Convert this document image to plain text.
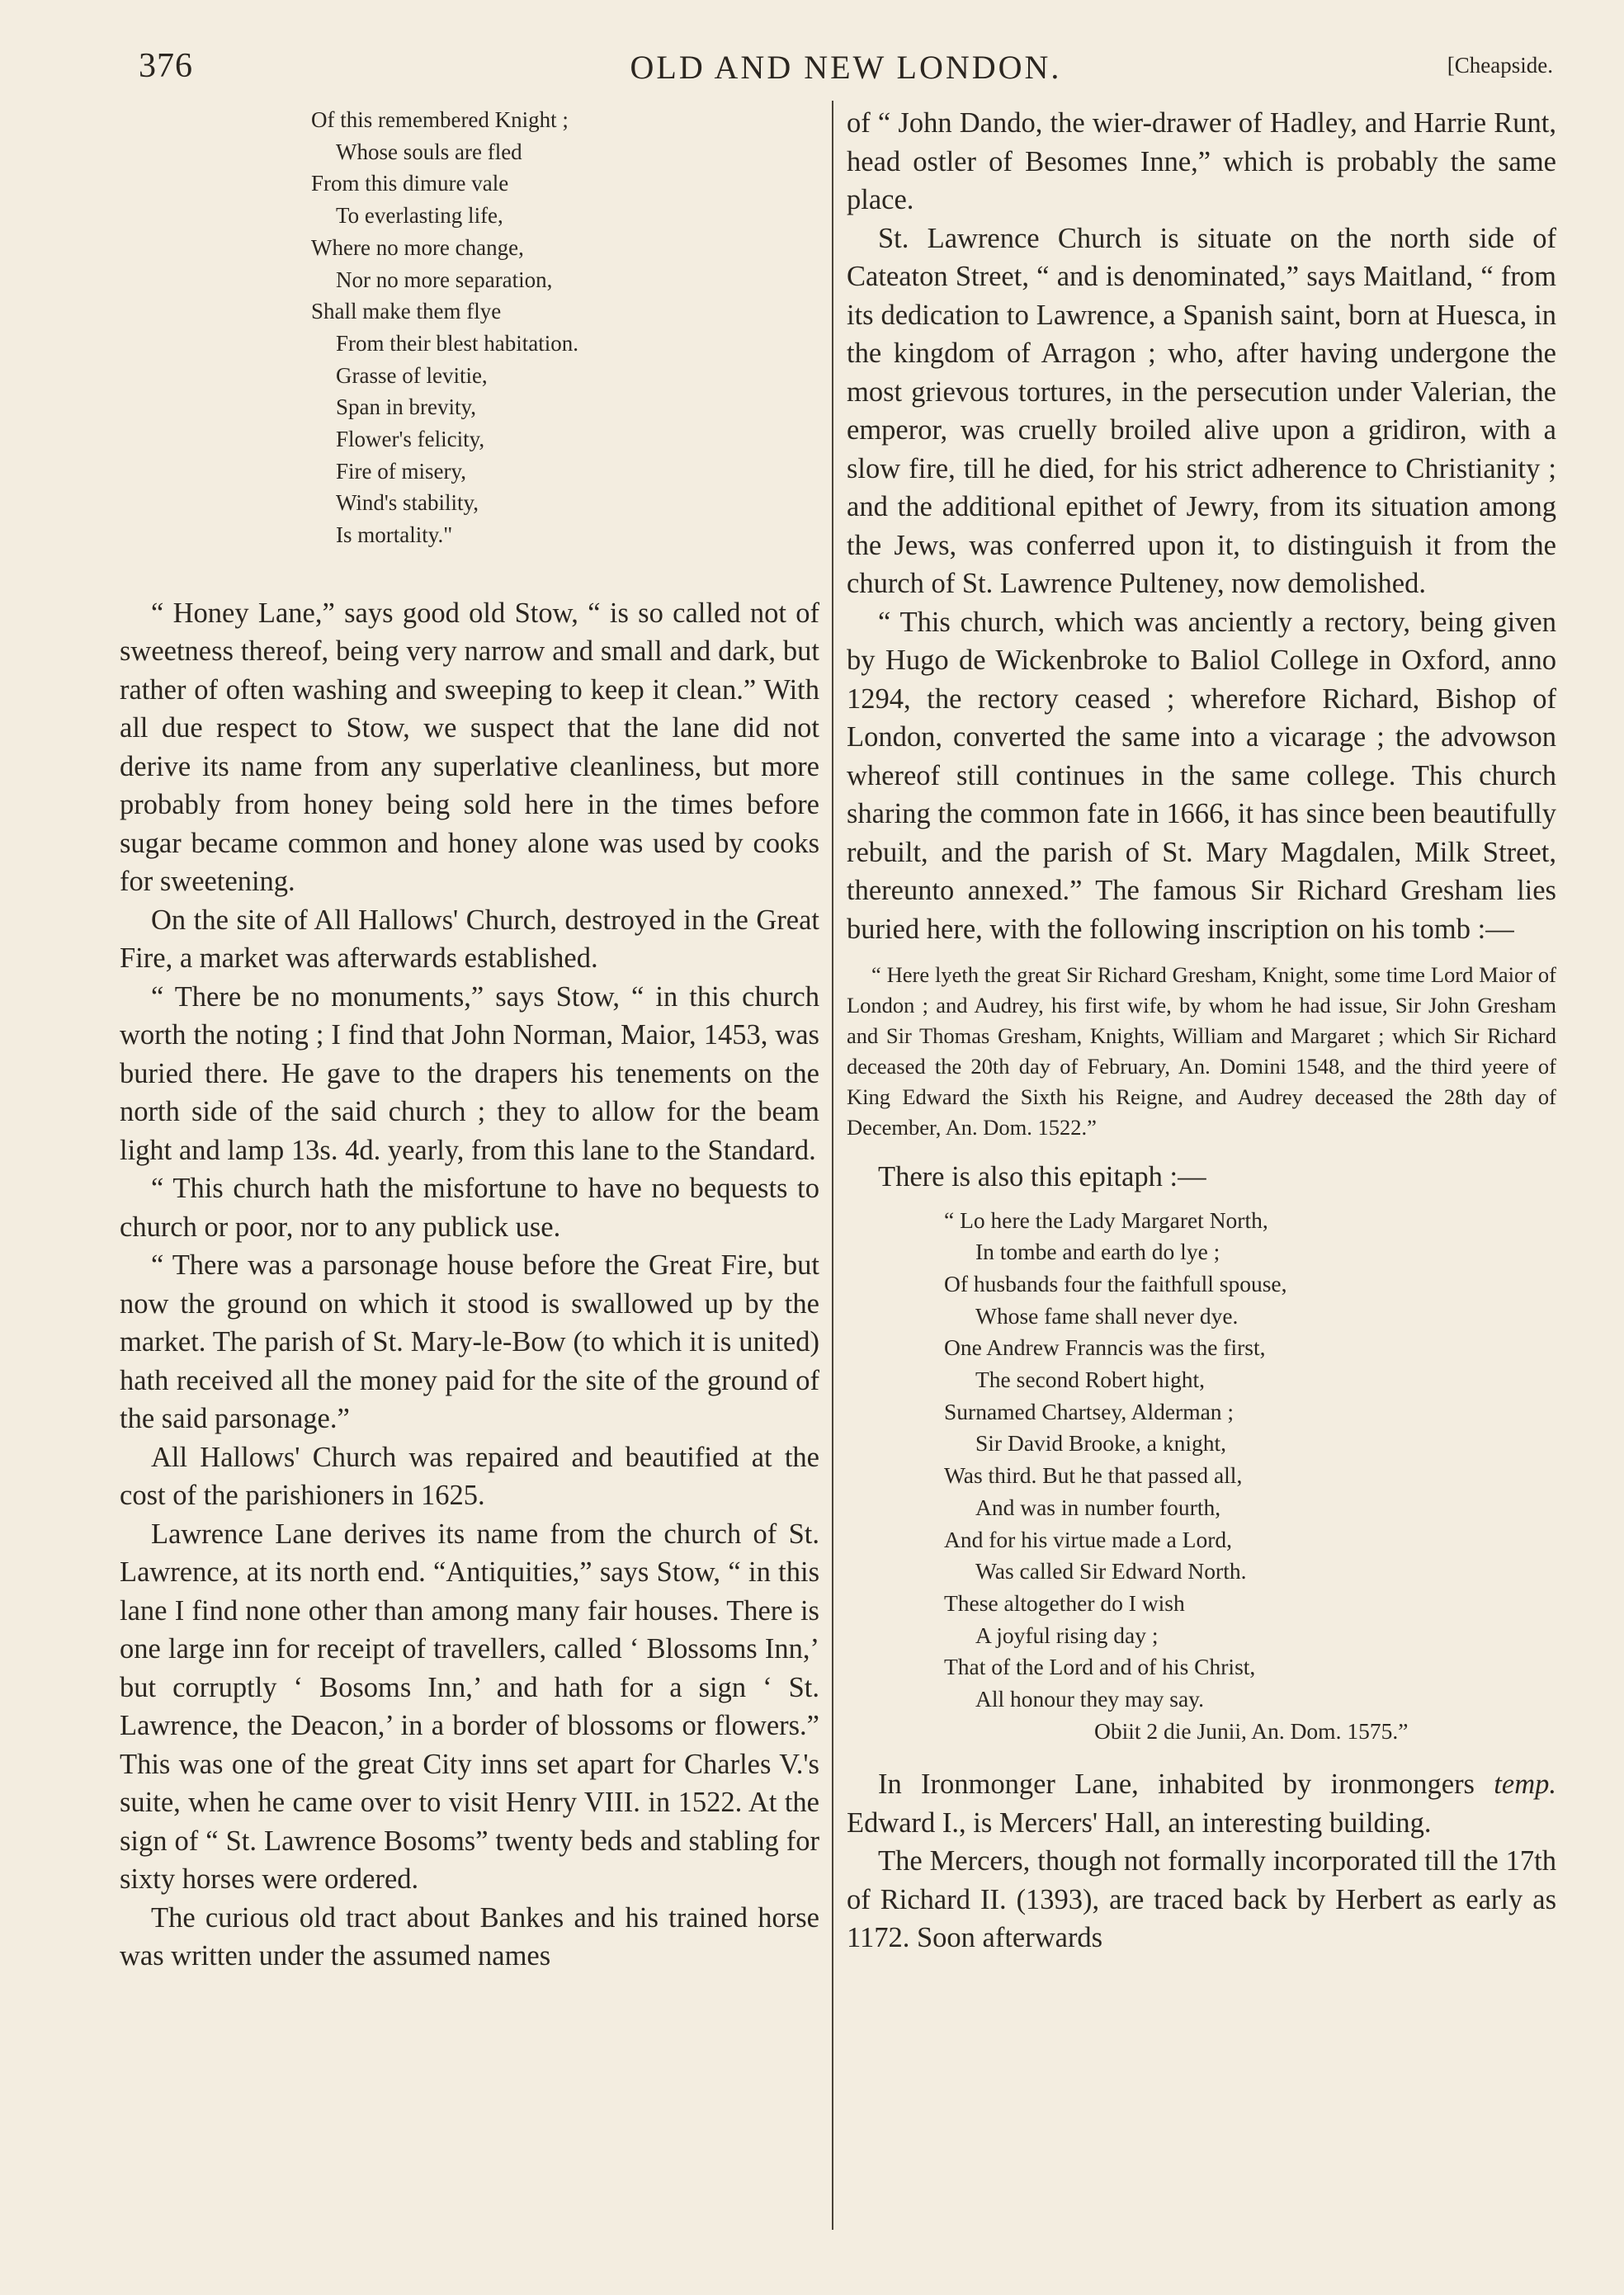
376	OLD AND NEW LONDON.	[Cheapside.
Of this remembered Knight ;
Whose souls are fled
From this dimure vale
To everlasting life,
Where no more change,
Nor no more separation,
Shall make them flye
From their blest habitation.
Grasse of levitie,
Span in brevity,
Flower's felicity,
Fire of misery,
Wind's stability,
Is mortality."

“ Honey Lane,” says good old Stow, “ is so called not of sweetness thereof, being very narrow and small and dark, but rather of often washing and sweeping to keep it clean.” With all due respect to Stow, we suspect that the lane did not derive its name from any superlative cleanliness, but more probably from honey being sold here in the times before sugar became common and honey alone was used by cooks for sweetening.

On the site of All Hallows' Church, destroyed in the Great Fire, a market was afterwards established.

“ There be no monuments,” says Stow, “ in this church worth the noting ; I find that John Norman, Maior, 1453, was buried there. He gave to the drapers his tenements on the north side of the said church ; they to allow for the beam light and lamp 13s. 4d. yearly, from this lane to the Standard.

“ This church hath the misfortune to have no bequests to church or poor, nor to any publick use.

“ There was a parsonage house before the Great Fire, but now the ground on which it stood is swallowed up by the market. The parish of St. Mary-le-Bow (to which it is united) hath received all the money paid for the site of the ground of the said parsonage.”

All Hallows' Church was repaired and beautified at the cost of the parishioners in 1625.

Lawrence Lane derives its name from the church of St. Lawrence, at its north end. “Antiquities,” says Stow, “ in this lane I find none other than among many fair houses. There is one large inn for receipt of travellers, called ‘ Blossoms Inn,’ but corruptly ‘ Bosoms Inn,’ and hath for a sign ‘ St. Lawrence, the Deacon,’ in a border of blossoms or flowers.” This was one of the great City inns set apart for Charles V.'s suite, when he came over to visit Henry VIII. in 1522. At the sign of “ St. Lawrence Bosoms” twenty beds and stabling for sixty horses were ordered.

The curious old tract about Bankes and his trained horse was written under the assumed names

of “ John Dando, the wier-drawer of Hadley, and Harrie Runt, head ostler of Besomes Inne,” which is probably the same place.

St. Lawrence Church is situate on the north side of Cateaton Street, “ and is denominated,” says Maitland, “ from its dedication to Lawrence, a Spanish saint, born at Huesca, in the kingdom of Arragon ; who, after having undergone the most grievous tortures, in the persecution under Valerian, the emperor, was cruelly broiled alive upon a gridiron, with a slow fire, till he died, for his strict adherence to Christianity ; and the additional epithet of Jewry, from its situation among the Jews, was conferred upon it, to distinguish it from the church of St. Lawrence Pulteney, now demolished.

“ This church, which was anciently a rectory, being given by Hugo de Wickenbroke to Baliol College in Oxford, anno 1294, the rectory ceased ; wherefore Richard, Bishop of London, converted the same into a vicarage ; the advowson whereof still continues in the same college. This church sharing the common fate in 1666, it has since been beautifully rebuilt, and the parish of St. Mary Magdalen, Milk Street, thereunto annexed.” The famous Sir Richard Gresham lies buried here, with the following inscription on his tomb :—

“ Here lyeth the great Sir Richard Gresham, Knight, some time Lord Maior of London ; and Audrey, his first wife, by whom he had issue, Sir John Gresham and Sir Thomas Gresham, Knights, William and Margaret ; which Sir Richard deceased the 20th day of February, An. Domini 1548, and the third yeere of King Edward the Sixth his Reigne, and Audrey deceased the 28th day of December, An. Dom. 1522.”

There is also this epitaph :—

“ Lo here the Lady Margaret North,
In tombe and earth do lye ;
Of husbands four the faithfull spouse,
Whose fame shall never dye.
One Andrew Franncis was the first,
The second Robert hight,
Surnamed Chartsey, Alderman ;
Sir David Brooke, a knight,
Was third. But he that passed all,
And was in number fourth,
And for his virtue made a Lord,
Was called Sir Edward North.
These altogether do I wish
A joyful rising day ;
That of the Lord and of his Christ,
All honour they may say.
Obiit 2 die Junii, An. Dom. 1575.”

In Ironmonger Lane, inhabited by ironmongers temp. Edward I., is Mercers' Hall, an interesting building.

The Mercers, though not formally incorporated till the 17th of Richard II. (1393), are traced back by Herbert as early as 1172. Soon afterwards
